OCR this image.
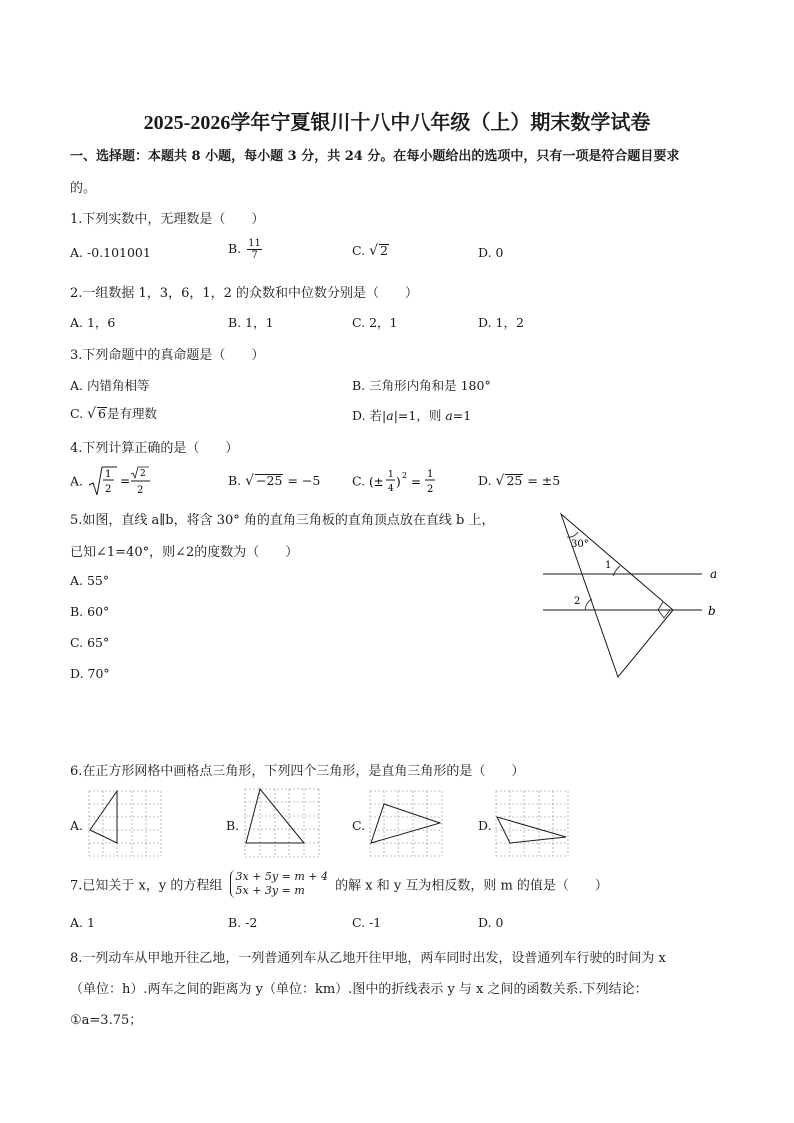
2025-2026学年宁夏银川十八中八年级（上）期末数学试卷
一、选择题：本题共 8 小题，每小题 3 分，共 24 分。在每小题给出的选项中，只有一项是符合题目要求
的。
1.下列实数中，无理数是（　　）
A. -0.101001	B. $\frac{11}{7}$	C. √ 2	D. 0
2.一组数据 1，3，6，1，2 的众数和中位数分别是（　　）
A. 1，6	B. 1，1	C. 2，1	D. 1，2
3.下列命题中的真命题是（　　）
A. 内错角相等	B. 三角形内角和是 180°
C. √ 6是有理数	D. 若|a|=1，则 a=1
4.下列计算正确的是（　　）
A. 1
2
= 2
2
B. √ −25 = −5	C. (± 1
4 ) 2 =
1
2
D. √ 25 = ±5
5.如图，直线 a∥b，将含 30° 角的直角三角板的直角顶点放在直线 b 上，
已知∠1=40°，则∠2的度数为（　　）
A. 55°
B. 60°
C. 65°
D. 70°
30°
1
2
a
b
6.在正方形网格中画格点三角形，下列四个三角形，是直角三角形的是（　　）
A.	B.	C.	D.
7.已知关于 x，y 的方程组
3x + 5y = m + 4
5x + 3y = m	的解 x 和 y 互为相反数，则 m 的值是（　　）
A. 1	B. -2	C. -1	D. 0
8.一列动车从甲地开往乙地，一列普通列车从乙地开往甲地，两车同时出发，设普通列车行驶的时间为 x
（单位：h）.两车之间的距离为 y（单位：km）.图中的折线表示 y 与 x 之间的函数关系.下列结论：
①a=3.75；
